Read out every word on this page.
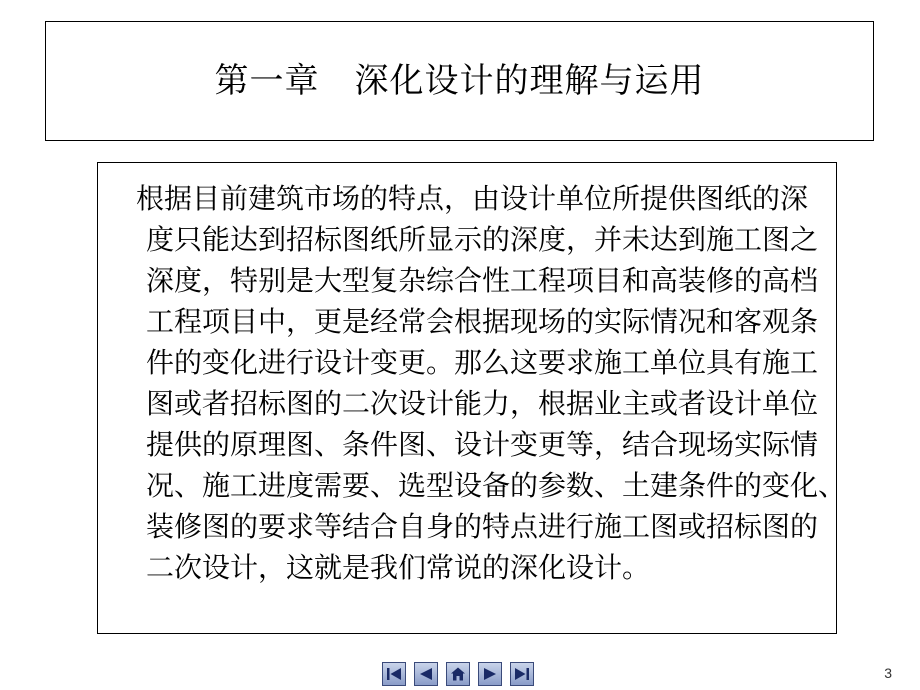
第一章　深化设计的理解与运用
根据目前建筑市场的特点，由设计单位所提供图纸的深
度只能达到招标图纸所显示的深度，并未达到施工图之
深度，特别是大型复杂综合性工程项目和高装修的高档
工程项目中，更是经常会根据现场的实际情况和客观条
件的变化进行设计变更。那么这要求施工单位具有施工
图或者招标图的二次设计能力，根据业主或者设计单位
提供的原理图、条件图、设计变更等，结合现场实际情
况、施工进度需要、选型设备的参数、土建条件的变化、
装修图的要求等结合自身的特点进行施工图或招标图的
二次设计，这就是我们常说的深化设计。
3
